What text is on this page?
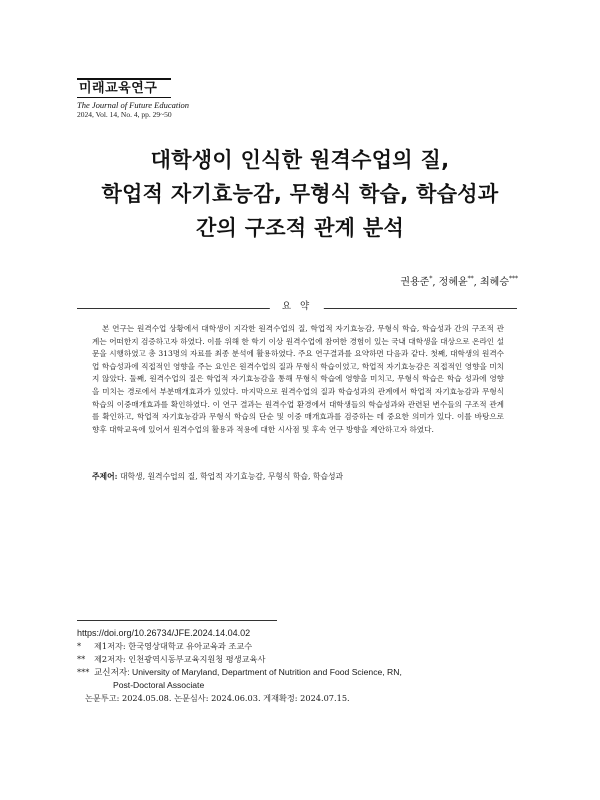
미래교육연구
The Journal of Future Education
2024, Vol. 14, No. 4, pp. 29~50
대학생이 인식한 원격수업의 질,
학업적 자기효능감, 무형식 학습, 학습성과
간의 구조적 관계 분석
권용준*, 정혜윤**, 최혜승***
요 약

본 연구는 원격수업 상황에서 대학생이 지각한 원격수업의 질, 학업적 자기효능감, 무형식 학습, 학습성과 간의 구조적 관계는 어떠한지 검증하고자 하였다. 이를 위해 한 학기 이상 원격수업에 참여한 경험이 있는 국내 대학생을 대상으로 온라인 설문을 시행하였고 총 313명의 자료를 최종 분석에 활용하였다. 주요 연구결과를 요약하면 다음과 같다. 첫째, 대학생의 원격수업 학습성과에 직접적인 영향을 주는 요인은 원격수업의 질과 무형식 학습이었고, 학업적 자기효능감은 직접적인 영향을 미치지 않았다. 둘째, 원격수업의 질은 학업적 자기효능감을 통해 무형식 학습에 영향을 미치고, 무형식 학습은 학습 성과에 영향을 미치는 경로에서 부분매개효과가 있었다. 마지막으로 원격수업의 질과 학습성과의 관계에서 학업적 자기효능감과 무형식 학습의 이중매개효과를 확인하였다. 이 연구 결과는 원격수업 환경에서 대학생들의 학습성과와 관련된 변수들의 구조적 관계를 확인하고, 학업적 자기효능감과 무형식 학습의 단순 및 이중 매개효과를 검증하는 데 중요한 의미가 있다. 이를 바탕으로 향후 대학교육에 있어서 원격수업의 활용과 적용에 대한 시사점 및 후속 연구 방향을 제안하고자 하였다.

주제어: 대학생, 원격수업의 질, 학업적 자기효능감, 무형식 학습, 학습성과
https://doi.org/10.26734/JFE.2024.14.04.02
* 제1저자: 한국영상대학교 유아교육과 조교수
** 제2저자: 인천광역시동부교육지원청 평생교육사
*** 교신저자: University of Maryland, Department of Nutrition and Food Science, RN,
Post-Doctoral Associate
논문투고: 2024.05.08. 논문심사: 2024.06.03. 게재확정: 2024.07.15.
